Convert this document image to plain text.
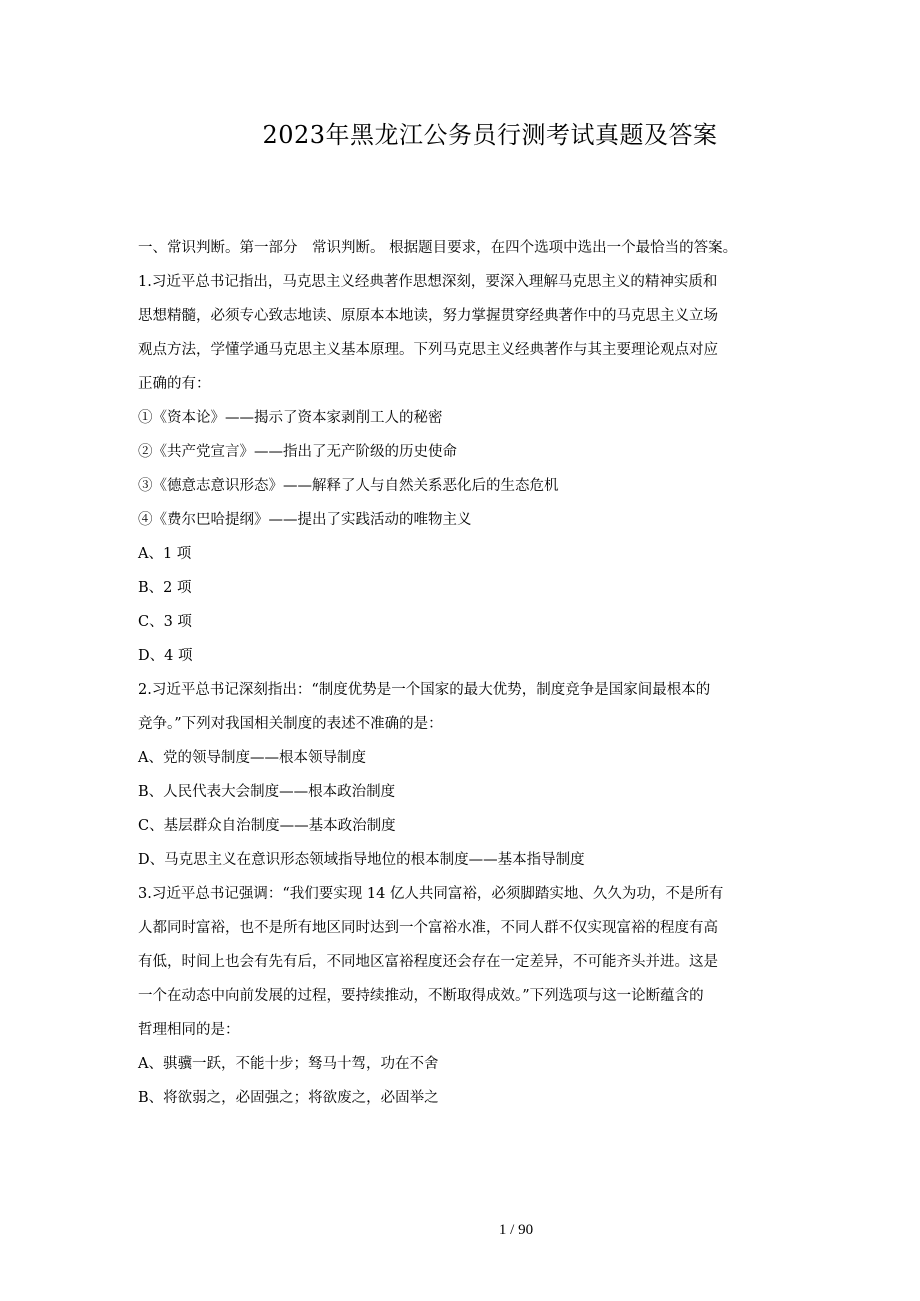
2023年黑龙江公务员行测考试真题及答案

一、常识判断。第一部分　常识判断。 根据题目要求，在四个选项中选出一个最恰当的答案。

1.习近平总书记指出，马克思主义经典著作思想深刻，要深入理解马克思主义的精神实质和

思想精髓，必须专心致志地读、原原本本地读，努力掌握贯穿经典著作中的马克思主义立场

观点方法，学懂学通马克思主义基本原理。下列马克思主义经典著作与其主要理论观点对应

正确的有：

①《资本论》——揭示了资本家剥削工人的秘密

②《共产党宣言》——指出了无产阶级的历史使命

③《德意志意识形态》——解释了人与自然关系恶化后的生态危机

④《费尔巴哈提纲》——提出了实践活动的唯物主义

A、1 项

B、2 项

C、3 项

D、4 项

2.习近平总书记深刻指出：“制度优势是一个国家的最大优势，制度竞争是国家间最根本的

竞争。”下列对我国相关制度的表述不准确的是：

A、党的领导制度——根本领导制度

B、人民代表大会制度——根本政治制度

C、基层群众自治制度——基本政治制度

D、马克思主义在意识形态领域指导地位的根本制度——基本指导制度

3.习近平总书记强调：“我们要实现 14 亿人共同富裕，必须脚踏实地、久久为功，不是所有

人都同时富裕，也不是所有地区同时达到一个富裕水准，不同人群不仅实现富裕的程度有高

有低，时间上也会有先有后，不同地区富裕程度还会存在一定差异，不可能齐头并进。这是

一个在动态中向前发展的过程，要持续推动，不断取得成效。”下列选项与这一论断蕴含的

哲理相同的是：

A、骐骥一跃，不能十步；驽马十驾，功在不舍

B、将欲弱之，必固强之；将欲废之，必固举之

1 / 90
